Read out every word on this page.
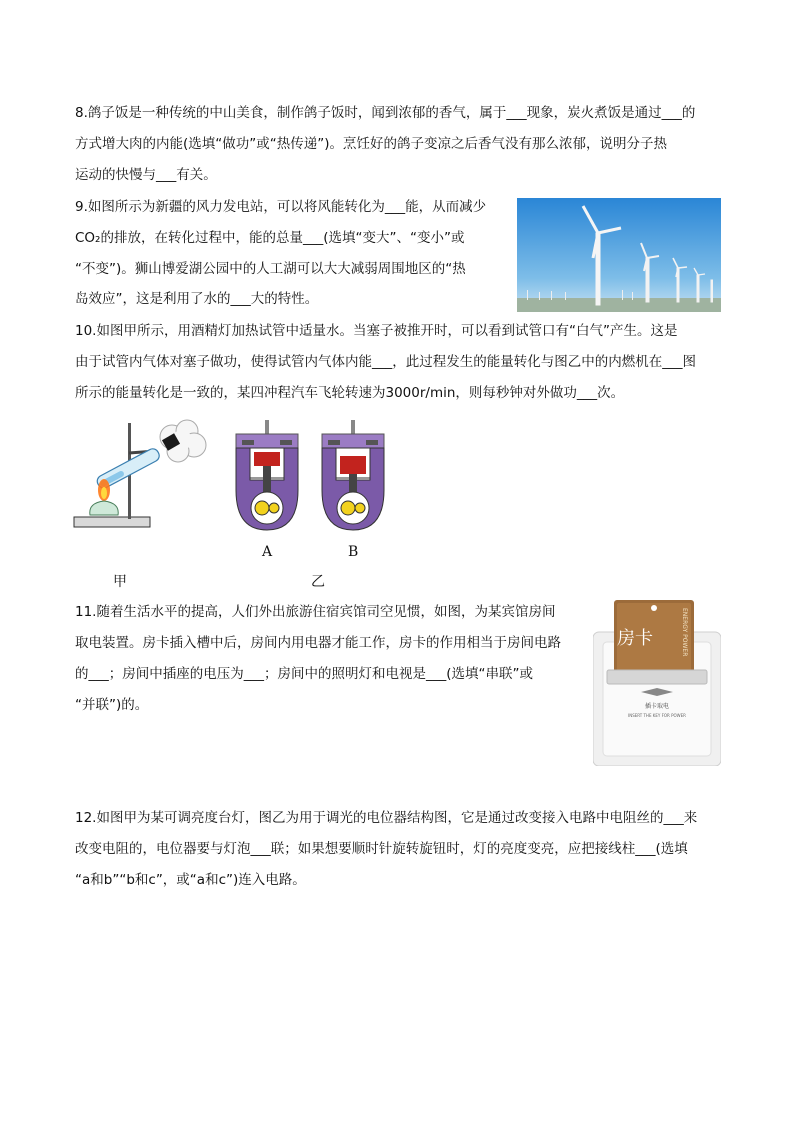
8.鸽子饭是一种传统的中山美食，制作鸽子饭时，闻到浓郁的香气，属于___现象，炭火煮饭是通过___的
方式增大肉的内能(选填“做功”或“热传递”)。烹饪好的鸽子变凉之后香气没有那么浓郁，说明分子热
运动的快慢与___有关。
9.如图所示为新疆的风力发电站，可以将风能转化为___能，从而减少
CO₂的排放，在转化过程中，能的总量___(选填“变大”、“变小”或
“不变”)。狮山博爱湖公园中的人工湖可以大大减弱周围地区的“热
岛效应”，这是利用了水的___大的特性。
10.如图甲所示，用酒精灯加热试管中适量水。当塞子被推开时，可以看到试管口有“白气”产生。这是
由于试管内气体对塞子做功，使得试管内气体内能___，此过程发生的能量转化与图乙中的内燃机在___图
所示的能量转化是一致的，某四冲程汽车飞轮转速为3000r/min，则每秒钟对外做功___次。
甲
A	B
乙
11.随着生活水平的提高，人们外出旅游住宿宾馆司空见惯，如图，为某宾馆房间
取电装置。房卡插入槽中后，房间内用电器才能工作，房卡的作用相当于房间电路
的___；房间中插座的电压为___；房间中的照明灯和电视是___(选填“串联”或
“并联”)的。
房卡	ENERGY POWER
插卡取电
INSERT THE KEY FOR POWER
12.如图甲为某可调亮度台灯，图乙为用于调光的电位器结构图，它是通过改变接入电路中电阻丝的___来
改变电阻的，电位器要与灯泡___联；如果想要顺时针旋转旋钮时，灯的亮度变亮，应把接线柱___(选填
“a和b”“b和c”，或“a和c”)连入电路。
